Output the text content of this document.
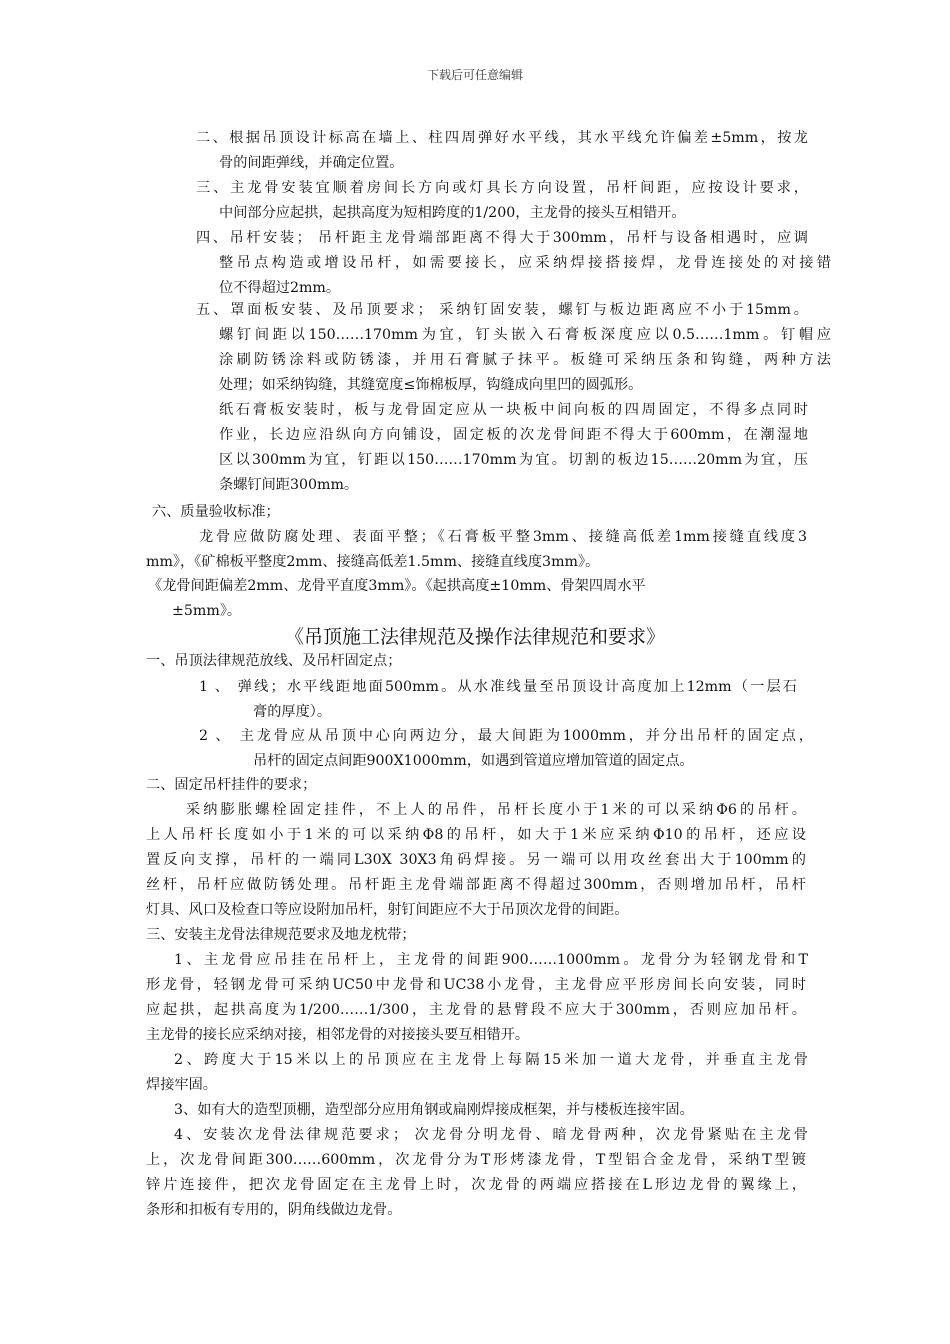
下载后可任意编辑
《吊顶施工法律规范及操作法律规范和要求》
二、根据吊顶设计标高在墙上、柱四周弹好水平线，其水平线允许偏差±5mm，按龙
骨的间距弹线，并确定位置。
三、主龙骨安装宜顺着房间长方向或灯具长方向设置，吊杆间距，应按设计要求，
中间部分应起拱，起拱高度为短相跨度的1/200，主龙骨的接头互相错开。
四、吊杆安装； 吊杆距主龙骨端部距离不得大于300mm，吊杆与设备相遇时，应调
整吊点构造或增设吊杆，如需要接长，应采纳焊接搭接焊，龙骨连接处的对接错
位不得超过2mm。
五、罩面板安装、及吊顶要求； 采纳钉固安装，螺钉与板边距离应不小于15mm。
螺钉间距以150……170mm为宜，钉头嵌入石膏板深度应以0.5……1mm。钉帽应
涂刷防锈涂料或防锈漆，并用石膏腻子抹平。板缝可采纳压条和钩缝，两种方法
处理；如采纳钩缝，其缝宽度≤饰棉板厚，钩缝成向里凹的圆弧形。
纸石膏板安装时，板与龙骨固定应从一块板中间向板的四周固定，不得多点同时
作业，长边应沿纵向方向铺设，固定板的次龙骨间距不得大于600mm，在潮湿地
区以300mm为宜，钉距以150……170mm为宜。切割的板边15……20mm为宜，压
条螺钉间距300mm。
六、质量验收标准；
龙骨应做防腐处理、表面平整；《石膏板平整3mm、接缝高低差1mm接缝直线度3
mm》，《矿棉板平整度2mm、接缝高低差1.5mm、接缝直线度3mm》。
《龙骨间距偏差2mm、龙骨平直度3mm》。《起拱高度±10mm、骨架四周水平
±5mm》。
一、吊顶法律规范放线、及吊杆固定点；
1 、 弹线；水平线距地面500mm。从水准线量至吊顶设计高度加上12mm（一层石
膏的厚度）。
2 、 主龙骨应从吊顶中心向两边分，最大间距为1000mm，并分出吊杆的固定点，
吊杆的固定点间距900X1000mm，如遇到管道应增加管道的固定点。
二、固定吊杆挂件的要求；
采纳膨胀螺栓固定挂件，不上人的吊件，吊杆长度小于1米的可以采纳Φ6的吊杆。
上人吊杆长度如小于1米的可以采纳Φ8的吊杆，如大于1米应采纳Φ10的吊杆，还应设
置反向支撑，吊杆的一端同L30X 30X3角码焊接。另一端可以用攻丝套出大于100mm的
丝杆，吊杆应做防锈处理。吊杆距主龙骨端部距离不得超过300mm，否则增加吊杆，吊杆
灯具、风口及检查口等应设附加吊杆，射钉间距应不大于吊顶次龙骨的间距。
三、安装主龙骨法律规范要求及地龙枕带；
1、主龙骨应吊挂在吊杆上，主龙骨的间距900……1000mm。龙骨分为轻钢龙骨和T
形龙骨，轻钢龙骨可采纳UC50中龙骨和UC38小龙骨，主龙骨应平形房间长向安装，同时
应起拱，起拱高度为1/200……1/300，主龙骨的悬臂段不应大于300mm，否则应加吊杆。
主龙骨的接长应采纳对接，相邻龙骨的对接接头要互相错开。
2、跨度大于15米以上的吊顶应在主龙骨上每隔15米加一道大龙骨，并垂直主龙骨
焊接牢固。
3、如有大的造型顶棚，造型部分应用角钢或扁刚焊接成框架，并与楼板连接牢固。
4、安装次龙骨法律规范要求； 次龙骨分明龙骨、暗龙骨两种，次龙骨紧贴在主龙骨
上，次龙骨间距300……600mm，次龙骨分为T形烤漆龙骨，T型铝合金龙骨，采纳T型镀
锌片连接件，把次龙骨固定在主龙骨上时，次龙骨的两端应搭接在L形边龙骨的翼缘上，
条形和扣板有专用的，阴角线做边龙骨。
